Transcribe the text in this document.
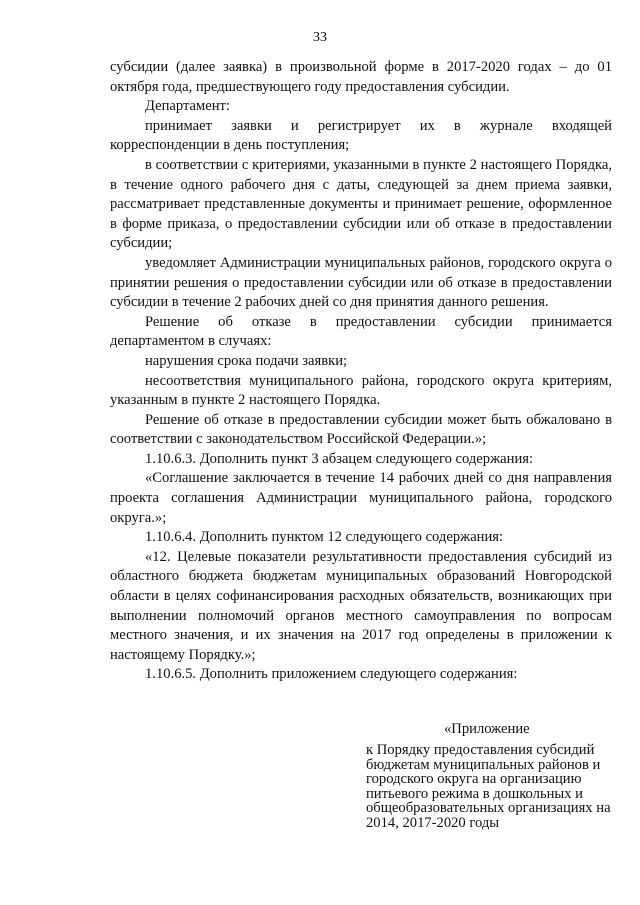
33

субсидии (далее заявка) в произвольной форме в 2017-2020 годах – до 01 октября года, предшествующего году предоставления субсидии.

Департамент:

принимает заявки и регистрирует их в журнале входящей корреспонденции в день поступления;

в соответствии с критериями, указанными в пункте 2 настоящего Порядка, в течение одного рабочего дня с даты, следующей за днем приема заявки, рассматривает представленные документы и принимает решение, оформленное в форме приказа, о предоставлении субсидии или об отказе в предоставлении субсидии;

уведомляет Администрации муниципальных районов, городского округа о принятии решения о предоставлении субсидии или об отказе в предоставлении субсидии в течение 2 рабочих дней со дня принятия данного решения.

Решение об отказе в предоставлении субсидии принимается департаментом в случаях:

нарушения срока подачи заявки;

несоответствия муниципального района, городского округа критериям, указанным в пункте 2 настоящего Порядка.

Решение об отказе в предоставлении субсидии может быть обжаловано в соответствии с законодательством Российской Федерации.»;

1.10.6.3. Дополнить пункт 3 абзацем следующего содержания:

«Соглашение заключается в течение 14 рабочих дней со дня направления проекта соглашения Администрации муниципального района, городского округа.»;

1.10.6.4. Дополнить пунктом 12 следующего содержания:

«12. Целевые показатели результативности предоставления субсидий из областного бюджета бюджетам муниципальных образований Новгородской области в целях софинансирования расходных обязательств, возникающих при выполнении полномочий органов местного самоуправления по вопросам местного значения, и их значения на 2017 год определены в приложении к настоящему Порядку.»;

1.10.6.5. Дополнить приложением следующего содержания:

«Приложение

к Порядку предоставления субсидий бюджетам муниципальных районов и городского округа на организацию питьевого режима в дошкольных и общеобразовательных организациях на 2014, 2017-2020 годы
